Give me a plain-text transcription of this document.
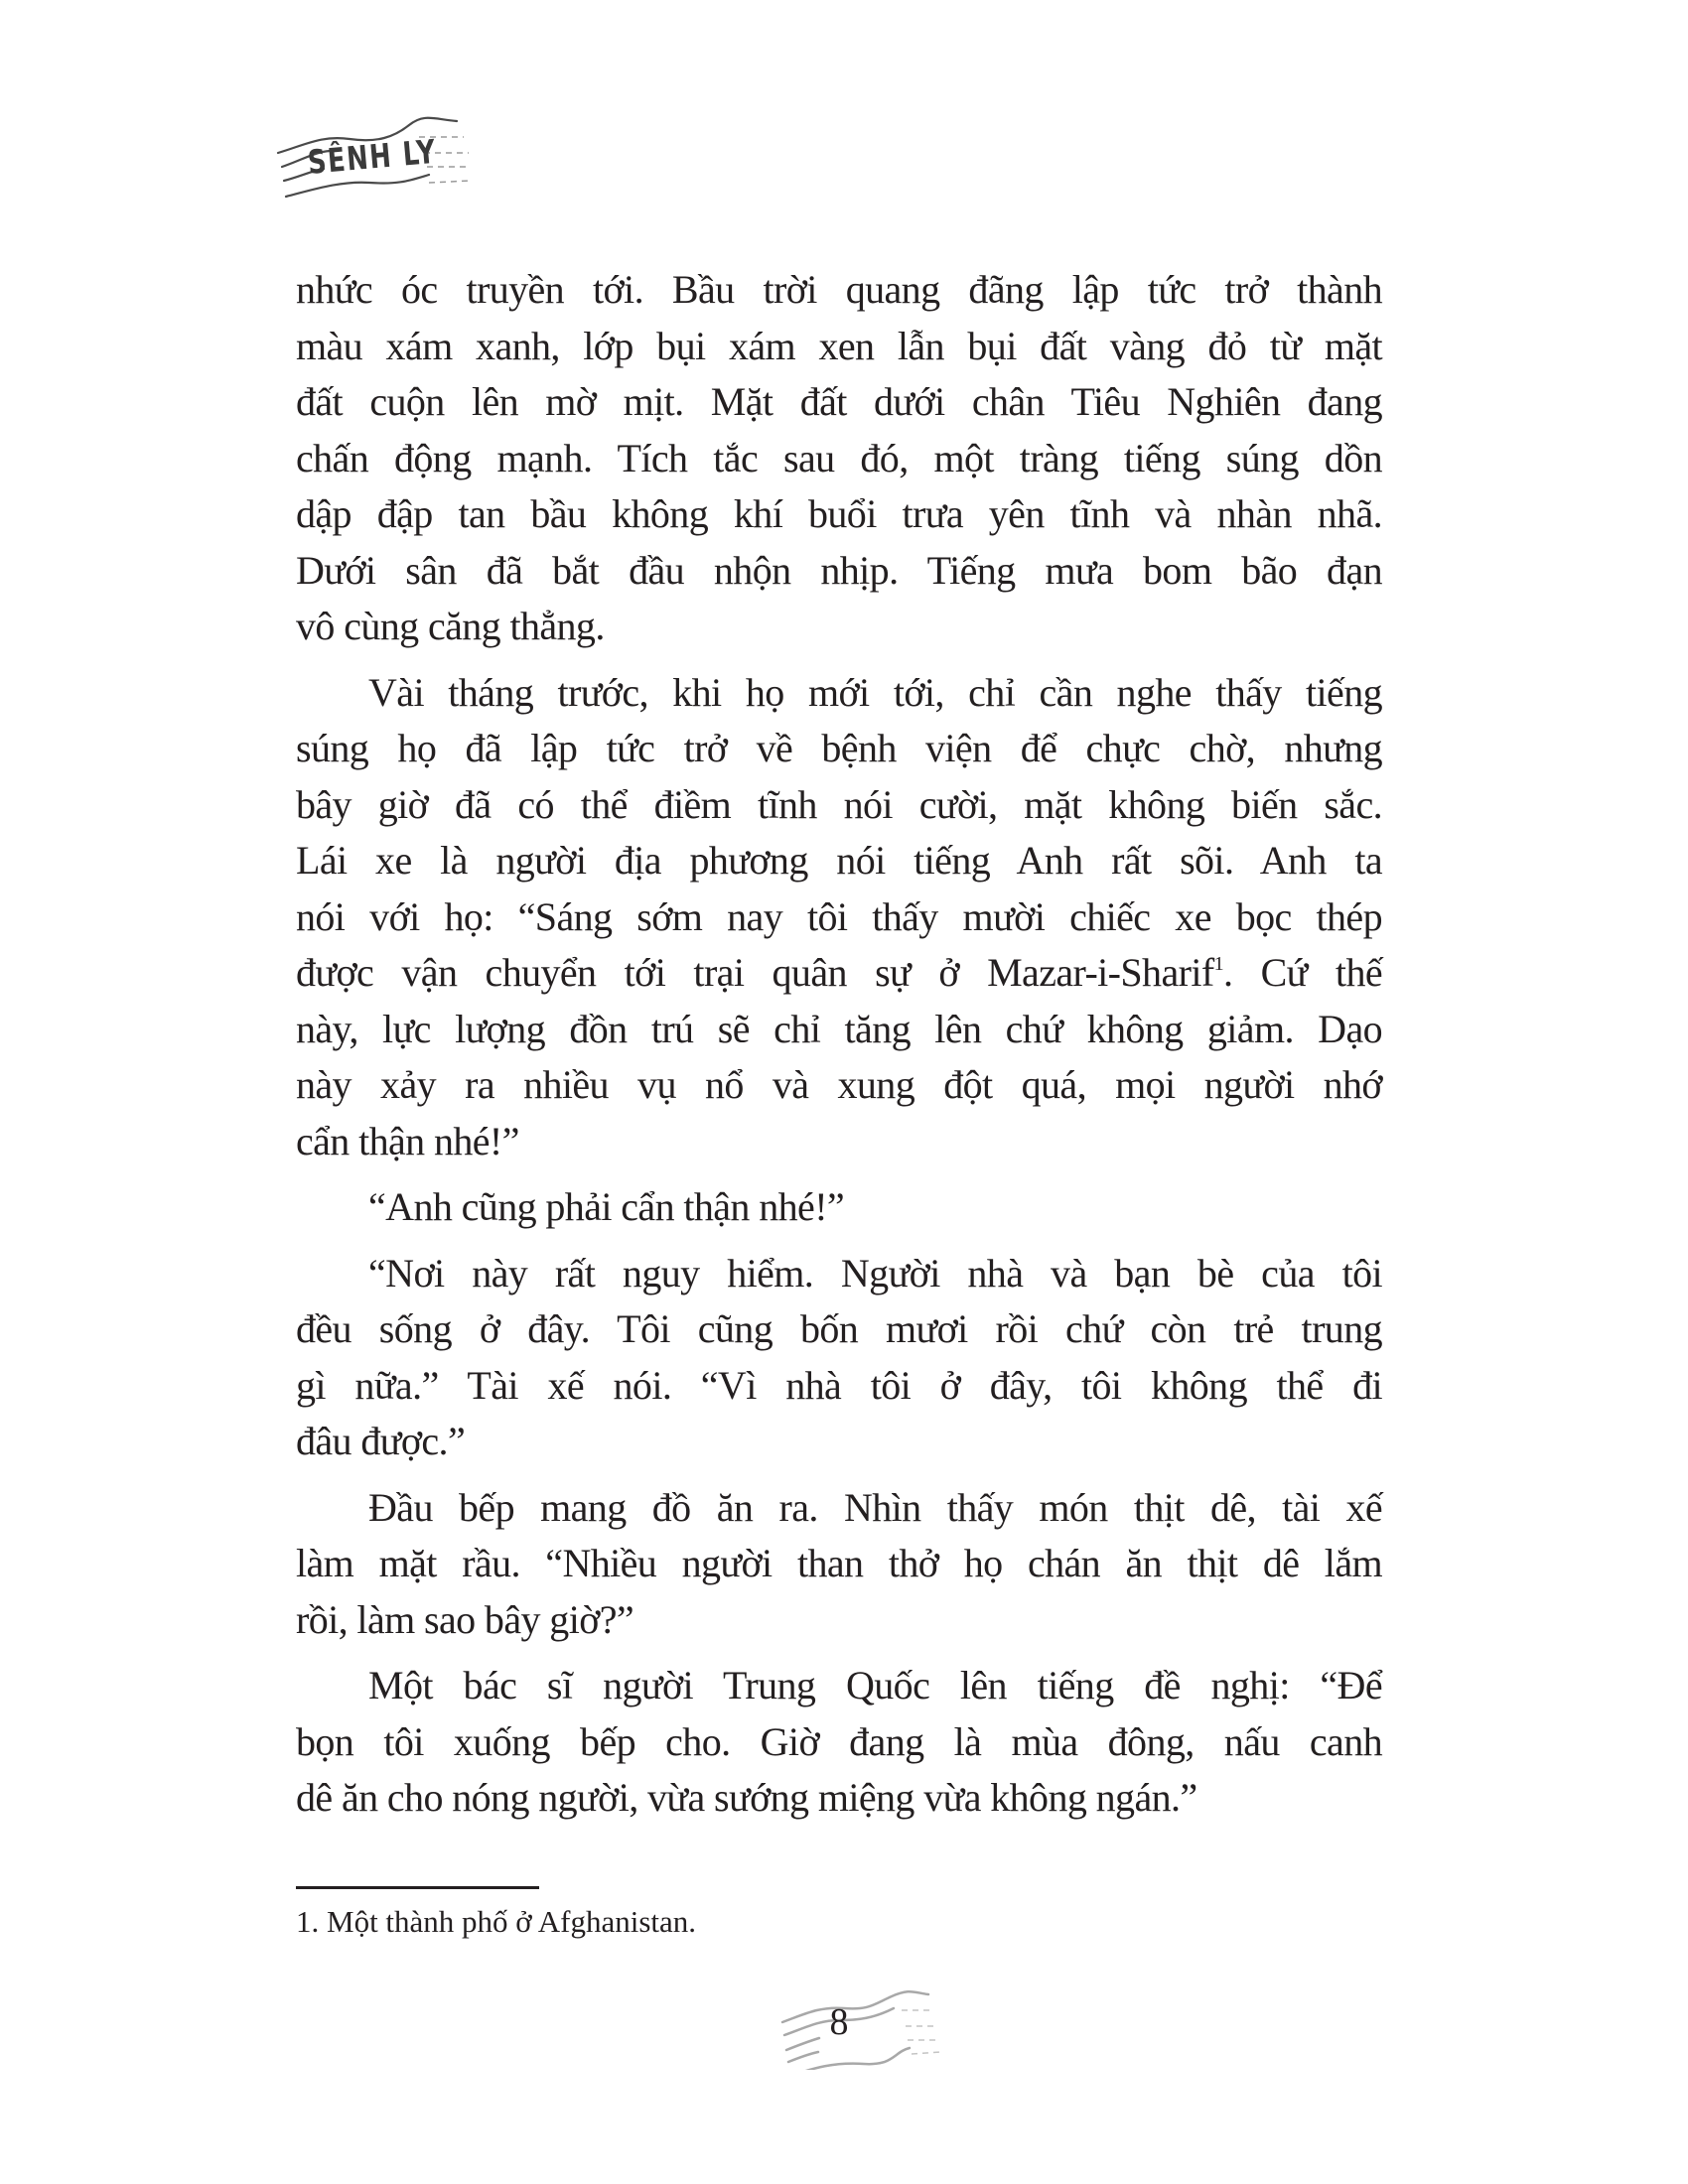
SÊNH LY
nhức óc truyền tới. Bầu trời quang đãng lập tức trở thành
màu xám xanh, lớp bụi xám xen lẫn bụi đất vàng đỏ từ mặt
đất cuộn lên mờ mịt. Mặt đất dưới chân Tiêu Nghiên đang
chấn động mạnh. Tích tắc sau đó, một tràng tiếng súng dồn
dập đập tan bầu không khí buổi trưa yên tĩnh và nhàn nhã.
Dưới sân đã bắt đầu nhộn nhịp. Tiếng mưa bom bão đạn
vô cùng căng thẳng.
Vài tháng trước, khi họ mới tới, chỉ cần nghe thấy tiếng
súng họ đã lập tức trở về bệnh viện để chực chờ, nhưng
bây giờ đã có thể điềm tĩnh nói cười, mặt không biến sắc.
Lái xe là người địa phương nói tiếng Anh rất sõi. Anh ta
nói với họ: “Sáng sớm nay tôi thấy mười chiếc xe bọc thép
được vận chuyển tới trại quân sự ở Mazar-i-Sharif$^1$. Cứ thế
này, lực lượng đồn trú sẽ chỉ tăng lên chứ không giảm. Dạo
này xảy ra nhiều vụ nổ và xung đột quá, mọi người nhớ
cẩn thận nhé!”
“Anh cũng phải cẩn thận nhé!”
“Nơi này rất nguy hiểm. Người nhà và bạn bè của tôi
đều sống ở đây. Tôi cũng bốn mươi rồi chứ còn trẻ trung
gì nữa.” Tài xế nói. “Vì nhà tôi ở đây, tôi không thể đi
đâu được.”
Đầu bếp mang đồ ăn ra. Nhìn thấy món thịt dê, tài xế
làm mặt rầu. “Nhiều người than thở họ chán ăn thịt dê lắm
rồi, làm sao bây giờ?”
Một bác sĩ người Trung Quốc lên tiếng đề nghị: “Để
bọn tôi xuống bếp cho. Giờ đang là mùa đông, nấu canh
dê ăn cho nóng người, vừa sướng miệng vừa không ngán.”
1. Một thành phố ở Afghanistan.
8
